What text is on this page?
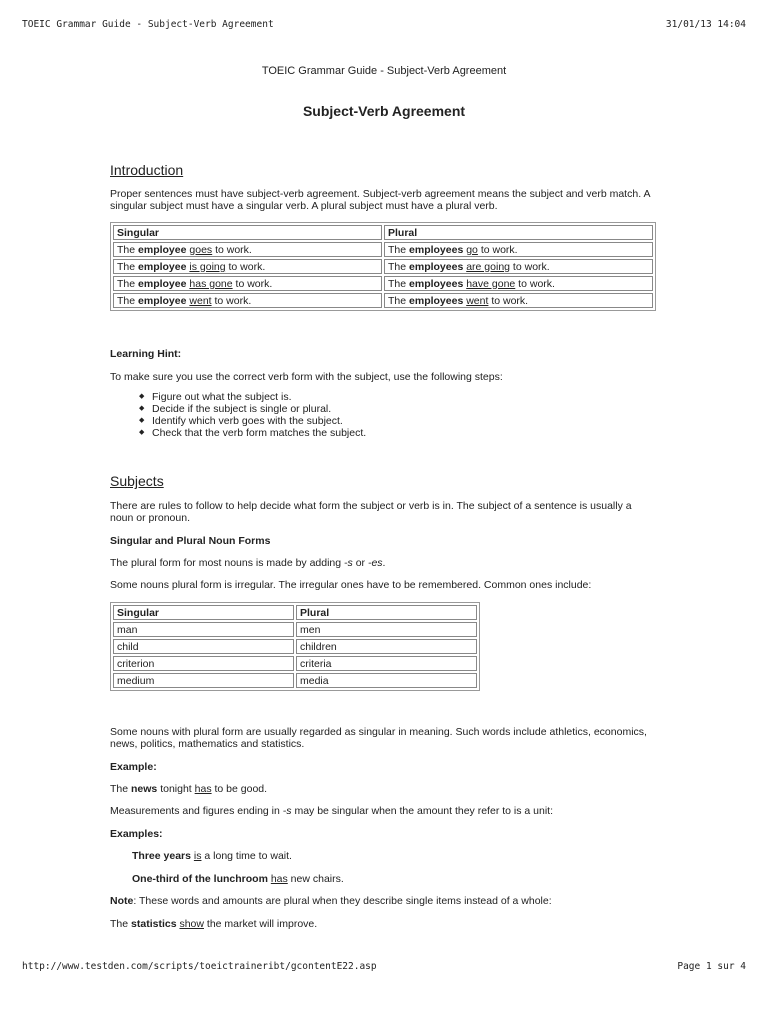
TOEIC Grammar Guide - Subject-Verb Agreement	31/01/13 14:04
TOEIC Grammar Guide - Subject-Verb Agreement
Subject-Verb Agreement
Introduction

Proper sentences must have subject-verb agreement. Subject-verb agreement means the subject and verb match. A singular subject must have a singular verb. A plural subject must have a plural verb.

Singular	Plural
The employee goes to work.	The employees go to work.
The employee is going to work.	The employees are going to work.
The employee has gone to work.	The employees have gone to work.
The employee went to work.	The employees went to work.

Learning Hint:

To make sure you use the correct verb form with the subject, use the following steps:

◆ Figure out what the subject is.
◆ Decide if the subject is single or plural.
◆ Identify which verb goes with the subject.
◆ Check that the verb form matches the subject.
Subjects

There are rules to follow to help decide what form the subject or verb is in. The subject of a sentence is usually a noun or pronoun.

Singular and Plural Noun Forms

The plural form for most nouns is made by adding -s or -es.

Some nouns plural form is irregular. The irregular ones have to be remembered. Common ones include:

Singular	Plural
man	men
child	children
criterion	criteria
medium	media

Some nouns with plural form are usually regarded as singular in meaning. Such words include athletics, economics, news, politics, mathematics and statistics.

Example:

The news tonight has to be good.

Measurements and figures ending in -s may be singular when the amount they refer to is a unit:

Examples:

Three years is a long time to wait.

One-third of the lunchroom has new chairs.

Note: These words and amounts are plural when they describe single items instead of a whole:

The statistics show the market will improve.

http://www.testden.com/scripts/toeictraineribt/gcontentE22.asp	Page 1 sur 4
